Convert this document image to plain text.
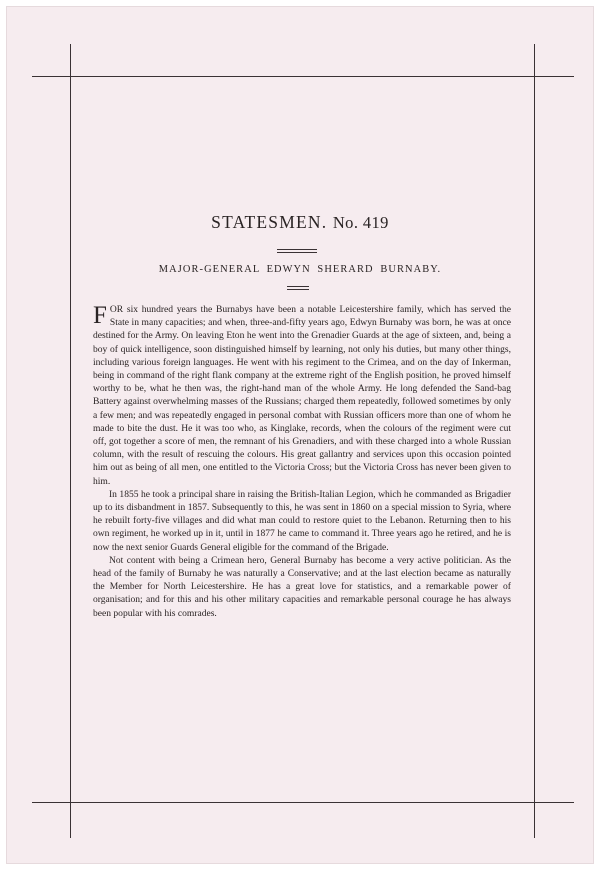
STATESMEN. No. 419
MAJOR-GENERAL EDWYN SHERARD BURNABY.

FOR six hundred years the Burnabys have been a notable Leicestershire family, which has served the State in many capacities; and when, three-and-fifty years ago, Edwyn Burnaby was born, he was at once destined for the Army. On leaving Eton he went into the Grenadier Guards at the age of sixteen, and, being a boy of quick intelligence, soon distinguished himself by learning, not only his duties, but many other things, including various foreign languages. He went with his regiment to the Crimea, and on the day of Inkerman, being in command of the right flank company at the extreme right of the English position, he proved himself worthy to be, what he then was, the right-hand man of the whole Army. He long defended the Sand-bag Battery against overwhelming masses of the Russians; charged them repeatedly, followed sometimes by only a few men; and was repeatedly engaged in personal combat with Russian officers more than one of whom he made to bite the dust. He it was too who, as Kinglake, records, when the colours of the regiment were cut off, got together a score of men, the remnant of his Grenadiers, and with these charged into a whole Russian column, with the result of rescuing the colours. His great gallantry and services upon this occasion pointed him out as being of all men, one entitled to the Victoria Cross; but the Victoria Cross has never been given to him.

In 1855 he took a principal share in raising the British-Italian Legion, which he commanded as Brigadier up to its disbandment in 1857. Subsequently to this, he was sent in 1860 on a special mission to Syria, where he rebuilt forty-five villages and did what man could to restore quiet to the Lebanon. Returning then to his own regiment, he worked up in it, until in 1877 he came to command it. Three years ago he retired, and he is now the next senior Guards General eligible for the command of the Brigade.

Not content with being a Crimean hero, General Burnaby has become a very active politician. As the head of the family of Burnaby he was naturally a Conservative; and at the last election became as naturally the Member for North Leicestershire. He has a great love for statistics, and a remarkable power of organisation; and for this and his other military capacities and remarkable personal courage he has always been popular with his comrades.
